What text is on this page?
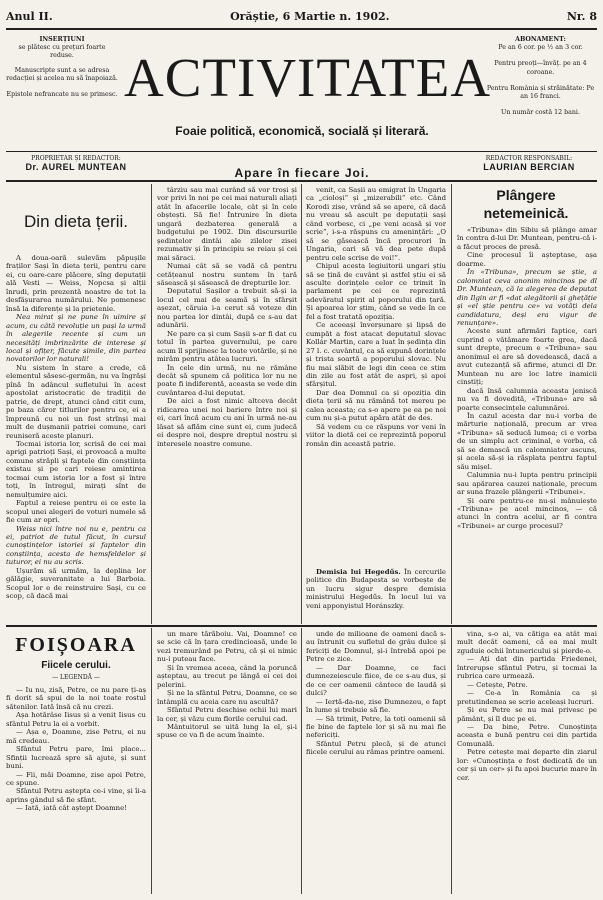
Anul II.	Orăștie, 6 Martie n. 1902.	Nr. 8
INSERȚIUNI
se plătesc cu prețuri foarte reduse.
Manuscripte sunt a se adresa redacției și acelea nu să înapoiază.
Epistole nefrancate nu se primesc. ACTIVITATEA
Foaie politică, economică, socială și literară.
ABONAMENT:
Pe an 6 cor. pe ½ an 3 cor.
Pentru preoți—învăț. pe an 4 coroane.
Pentru România și străinătate: Pe an 16 franci.
Un număr costă 12 bani.
PROPRIETAR ȘI REDACTOR:
Dr. AUREL MUNTEAN	Apare în fiecare Joi.
REDACTOR RESPONSABIL:
LAURIAN BERCIAN
Din dieta țerii.

A doua-oară sulevăm păpușile fraților Sași în dieta țerii, pentru care ei, cu oare-care plăcere, sîng deputații ală Vesti — Weiss, Nopcsa și alții înrudi, prin prezentă noastre de tot la desfășurarea numărului. Ne pomenesc însă la diferențe și la prietenie.

Nea mirat și ne pune în uimire și acum, cu câtă revoluție un pași la urmă în alegerile recente și cum un necesități imbrinzărite de interese și local și ofițer, făcute simile, din partea novatorilor lor naturali!

Nu sistem în stare a crede, că elementul săsesc-germăn, nu va îngrăși pînă în adâncul sufletului în acest apostolat aristocratic de tradiții de patrie, de drept, atunci când citit cum, pe baza căror titlurilor pentru ce, ei a împreună cu noi un fost strînși mai mult de dușmanii patriei comune, cari reuniseră aceste planuri.

Tocmai istoria lor, scrisă de cei mai aprigi patrioți Sași, ei provoacă a multe comune străpli și faptele din conștiința existau și pe cari reiese amintirea tocmai cum istoria lor a fost și între toți, în întregul, mirați sînt de nemulțumire aici.

Faptul a reiese pentru ei ce este la scopul unei alegeri de voturi numele să fie cum ar opri.

Weiss nici între noi nu e, pentru ca ei, patriot de tutul făcut, în cursul cunoștințelor istoriei și faptelor din conștiința, acesta de hemsfeldelor și tuturor, ei nu au scris.

Ușurăm să urmăm, la deplina lor gălăgie, suveranitate a lui Barboia. Scopul lor e de reinstruire Sași, cu ce scop, că dacă mai

târziu sau mai curând să vor troși și vor privi în noi pe cei mai naturali aliați atât în afacerile locale, cât și în cele obștești. Să fie! Întrunire în dieta ungară dezbaterea generală a budgetului pe 1902. Din discursurile ședințelor dintâi ale zilelor zisei rezumativ și în principiu se reiau și cei mai săraci.

Numai cât să se vadă că pentru cetățeanul nostru suntem în țară săsească și săsească de drepturile lor.

Deputatul Sașilor a trebuit să-și ia locul cel mai de seamă și în sfârșit așezat, căruia i-a cerut să voteze din nou partea lor dintâi, după ce s-au dat adunării.

Ne pare ca și cum Sașii s-ar fi dat cu totul în partea guvernului, pe care acum îl sprijinesc la toate votările, și ne mirăm pentru atâtea lucruri.

În cele din urmă, nu ne rămâne decât să spunem că politica lor nu ne poate fi indiferentă, aceasta se vede din cuvântarea d-lui deputat.

De aici a fost nimic altceva decât ridicarea unei noi bariere între noi și ei, cari încă acum cu ani în urmă ne-au lăsat să aflăm cine sunt ei, cum judecă ei despre noi, despre dreptul nostru și interesele noastre comune.

venit, ca Sașii au emigrat în Ungaria ca „cioloși” și „mizerabili” etc. Când Korodi zise, vrând să se apere, că dacă nu vreau să ascult pe deputații sași când vorbesc, ci „pe veni acasă și vor scrie”, i-s-a răspuns cu amenințări: „O să se găsească încă procurori în Ungaria, cari să vă dea pete după pentru cele scrise de voi!”.

Chipul acesta legiuitorii ungari știu să se țină de cuvânt și astfel știu ei să asculte dorințele celor ce trimit în parlament pe cei ce reprezintă adevăratul spirit al poporului din țară. Și apoarea lor știm, când se vede în ce fel a fost tratată opoziția.

Ce aceeași înverșunare și lipsă de cumpăt a fost atacat deputatul slovac Kollár Martin, care a luat în ședința din 27 l. c. cuvântul, ca să expună dorințele și trista soartă a poporului slovac. Nu fiu mai slăbit de legi din ceea ce stim din zile au fost atât de aspri, și apoi sfârșitul.

Dar dea Domnul ca și opoziția din dieta țerii să nu rămână tot mereu pe calea aceasta; ca s-o apere pe ea pe noi cum nu și-a putut apăra atât de des.

Să vedem cu ce răspuns vor veni în viitor la dietă cei ce reprezintă poporul român din această patrie.

Demisia lui Hegedűs. În cercurile politice din Budapesta se vorbește de un lucru sigur despre demisia ministrului Hegedűs. În locul lui va veni apponyistul Horánszky.

Plângere netemeinică.

«Tribuna» din Sibiu să plânge amar în contra d-lui Dr. Muntean, pentru-că i-a făcut proces de presă.

Cine procesul îi așteptase, așa doarme.

În «Tribuna», precum se știe, a calomniat ceva anonim mincinos pe dl Dr. Muntean, că la alegerea de deputat din Ilgin ar fi «dat alegătorii și ghețăție și «el știe pentru ce» va votăți dela candidatura, deși era vigur de renunțare».

Aceste sunt afirmări faptice, cari cuprind o vătămare foarte grea, dacă sunt drepte, precum e «Tribuna» sau anonimul ei are să dovedească, dacă a avut cutezanță să afirme, atunci dl Dr. Muntean nu are loc latre inamicii cinstiți;

dacă însă calumnia aceasta jeniscă nu va fi dovedită, «Tribuna» are să poarte consecințele calumnărei.

În cazul acesta dar nu-i vorba de mărturie națională, precum ar vrea «Tribuna» să seducă lumea; ci e vorba de un simplu act criminal, e vorba, că să se demască un calomniator ascuns, și acela să-și ia răsplata pentru faptul său mișel.

Calumnia nu-i lupta pentru principii sau apărarea cauzei naționale, precum ar suna frazele plângerii «Tribunei».

Și oare pentru-ce nu-și mânuiește «Tribuna» pe acel mincinos, — că atunci în contra acelui, ar fi contra «Tribunei» ar curge procesul?

FOIȘOARA
Fiicele cerului.
— LEGENDĂ —

— Iu nu, zisă, Petre, ce nu pare ți-aș fi dorit să spui de la noi toate rostul sătenilor. Iată însă că nu crezi.

Așa hotărâse Iisus și a venit Iisus cu sfântul Petru la ei a vorbit.

— Așa e, Doamne, zise Petru, ei nu mă credeau.

Sfântul Petru pare, îmi place... Sfinții lucrează spre să ajute, și sunt buni.

— Fii, măi Doamne, zise apoi Petre, ce spune.

Sfântul Petru aștepta ce-i vine, și îi-a aprins gândul să fie sfânt.

— Iată, iată cât aștept Doamne!

un mare tărăboiu. Vai, Doamne! ce se scie că în țara credincioasă, unde le vezi tremurând pe Petru, că și ei nimic nu-i puteau face.

Și în vremea aceea, când la poruncă așteptau, au trecut pe lângă ei cei doi pelerini.

Și ne la sfântul Petru, Doamne, ce se întâmplă cu aceia care nu ascultă?

Sfântul Petru deschise ochii lui mari la cer, și văzu cum florile cerului cad.

Mântuitorul se uită lung la el, și-i spuse ce va fi de acum înainte.

unde de milioane de oameni dacă s-au întrunit cu sufletul de grâu dulce și fericiți de Domnul, și-i întrebă apoi pe Petre ce zice.

— Dar Doamne, ce faci dumnezeiescule fiice, de ce s-au dus, și de ce cer oamenii cântece de laudă și dulci?

— Iertă-da-ne, zise Dumnezeu, e fapt în lume și trebuie să fie.

— Să trimiț, Petre, la toți oamenii să fie bine de faptele lor și să nu mai fie nefericiți.

Sfântul Petru plecă, și de atunci fiicele cerului au rămas printre oameni.

vina, s-o ai, va cătiga ea atât mai mult decât oameni, că ea mai mult zguduie ochii întunericului și pierde-o.

— Ați dat din partida Friedenei, întrerupse sfântul Petru, și tocmai la rubrica care urmează.

— Cetește, Petre.

— Ce-a în România ca și pretutindenea se scrie aceleași lucruri.

Și eu Petre se nu mai privesc pe pământ, și îl duc pe ei.

— Da bine, Petre. Cunoștința aceasta e bună pentru cei din partida Comunală.

Petre cetește mai departe din ziarul lor: «Cunoștința e fost dedicată de un cer și un cer» și fu apoi bucurie mare în cer.
